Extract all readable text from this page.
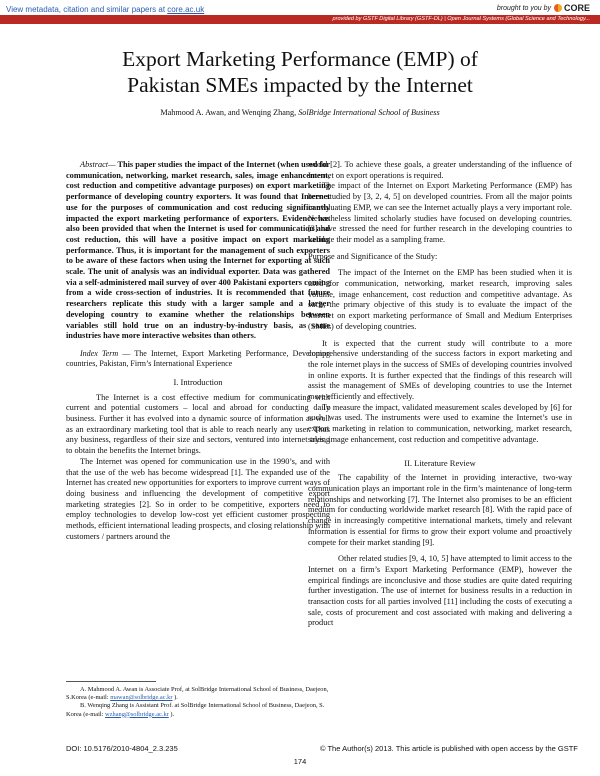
View metadata, citation and similar papers at core.ac.uk	brought to you by CORE
provided by GSTF Digital Library (GSTF-DL) | Open Journal Systems (Global Science and Technology...
Export Marketing Performance (EMP) of
Pakistan SMEs impacted by the Internet
Mahmood A. Awan, and Wenqing Zhang, SolBridge International School of Business

Abstract— This paper studies the impact of the Internet (when used for communication, networking, market research, sales, image enhancement, cost reduction and competitive advantage purposes) on export marketing performance of developing country exporters. It was found that Internet use for the purposes of communication and cost reducing significantly impacted the export marketing performance of exporters. Evidence has also been provided that when the Internet is used for communication and cost reduction, this will have a positive impact on export marketing performance. Thus, it is important for the management of such exporters to be aware of these factors when using the Internet for exporting at such scale. The unit of analysis was an individual exporter. Data was gathered via a self-administered mail survey of over 400 Pakistani exporters coming from a wide cross-section of industries. It is recommended that future researchers replicate this study with a larger sample and a larger developing country to examine whether the relationships between variables still hold true on an industry-by-industry basis, as some industries have more interactive websites than others.

Index Term — The Internet, Export Marketing Performance, Developing countries, Pakistan, Firm’s International Experience

I. Introduction

The Internet is a cost effective medium for communicating with current and potential customers – local and abroad for conducting daily business. Further it has evolved into a dynamic source of information as well as an extraordinary marketing tool that is able to reach nearly any user. Thus any business, regardless of their size and sectors, ventured into internet trying to obtain the benefits the Internet brings.

The Internet was opened for communication use in the 1990’s, and with that the use of the web has become widespread [1]. The expanded use of the Internet has created new opportunities for exporters to improve current ways of doing business and influencing the development of competitive export marketing strategies [2]. So in order to be competitive, exporters need to employ technologies to develop low-cost yet efficient customer prospecting methods, efficient international leading prospects, and closing relationship with customers / partners around the

world [2]. To achieve these goals, a greater understanding of the influence of Internet on export operations is required.

The impact of the Internet on Export Marketing Performance (EMP) has been studied by [3, 2, 4, 5] on developed countries. From all the major points in evaluating EMP, we can see the Internet actually plays a very important role. Nevertheless limited scholarly studies have focused on developing countries. [3] have stressed the need for further research in the developing countries to validate their model as a sampling frame.

Purpose and Significance of the Study:

The impact of the Internet on the EMP has been studied when it is used for communication, networking, market research, improving sales volume, image enhancement, cost reduction and competitive advantage. As such, the primary objective of this study is to evaluate the impact of the Internet on export marketing performance of Small and Medium Enterprises (SMEs) of developing countries.

It is expected that the current study will contribute to a more comprehensive understanding of the success factors in export marketing and the role internet plays in the success of SMEs of developing countries involved in online exports. It is further expected that the findings of this research will assist the management of SMEs of developing countries to use the Internet more efficiently and effectively.

To measure the impact, validated measurement scales developed by [6] for such, was used. The instruments were used to examine the Internet’s use in export marketing in relation to communication, networking, market research, sales, image enhancement, cost reduction and competitive advantage.

II. Literature Review

The capability of the Internet in providing interactive, two-way communication plays an important role in the firm’s maintenance of long-term relationships and networking [7]. The Internet also promises to be an efficient medium for conducting worldwide market research [8]. With the rapid pace of change in increasingly competitive international markets, timely and relevant information is essential for firms to grow their export volume and proactively compete for their market standing [9].

Other related studies [9, 4, 10, 5] have attempted to limit access to the Internet on a firm’s Export Marketing Performance (EMP), however the empirical findings are inconclusive and those studies are quite dated requiring further investigation. The use of internet for business results in a reduction in transaction costs for all parties involved [11] including the costs of executing a sale, costs of procurement and cost associated with making and delivering a product

A. Mahmood A. Awan is Associate Prof, at SolBridge International School of Business, Daejeon, S.Korea (e-mail: mawan@solbridge.ac.kr ).

B. Wenqing Zhang is Assistant Prof. at SolBridge International School of Business, Daejeon, S. Korea (e-mail: wzhang@solbridge.ac.kr ).

DOI: 10.5176/2010-4804_2.3.235	© The Author(s) 2013. This article is published with open access by the GSTF
174
